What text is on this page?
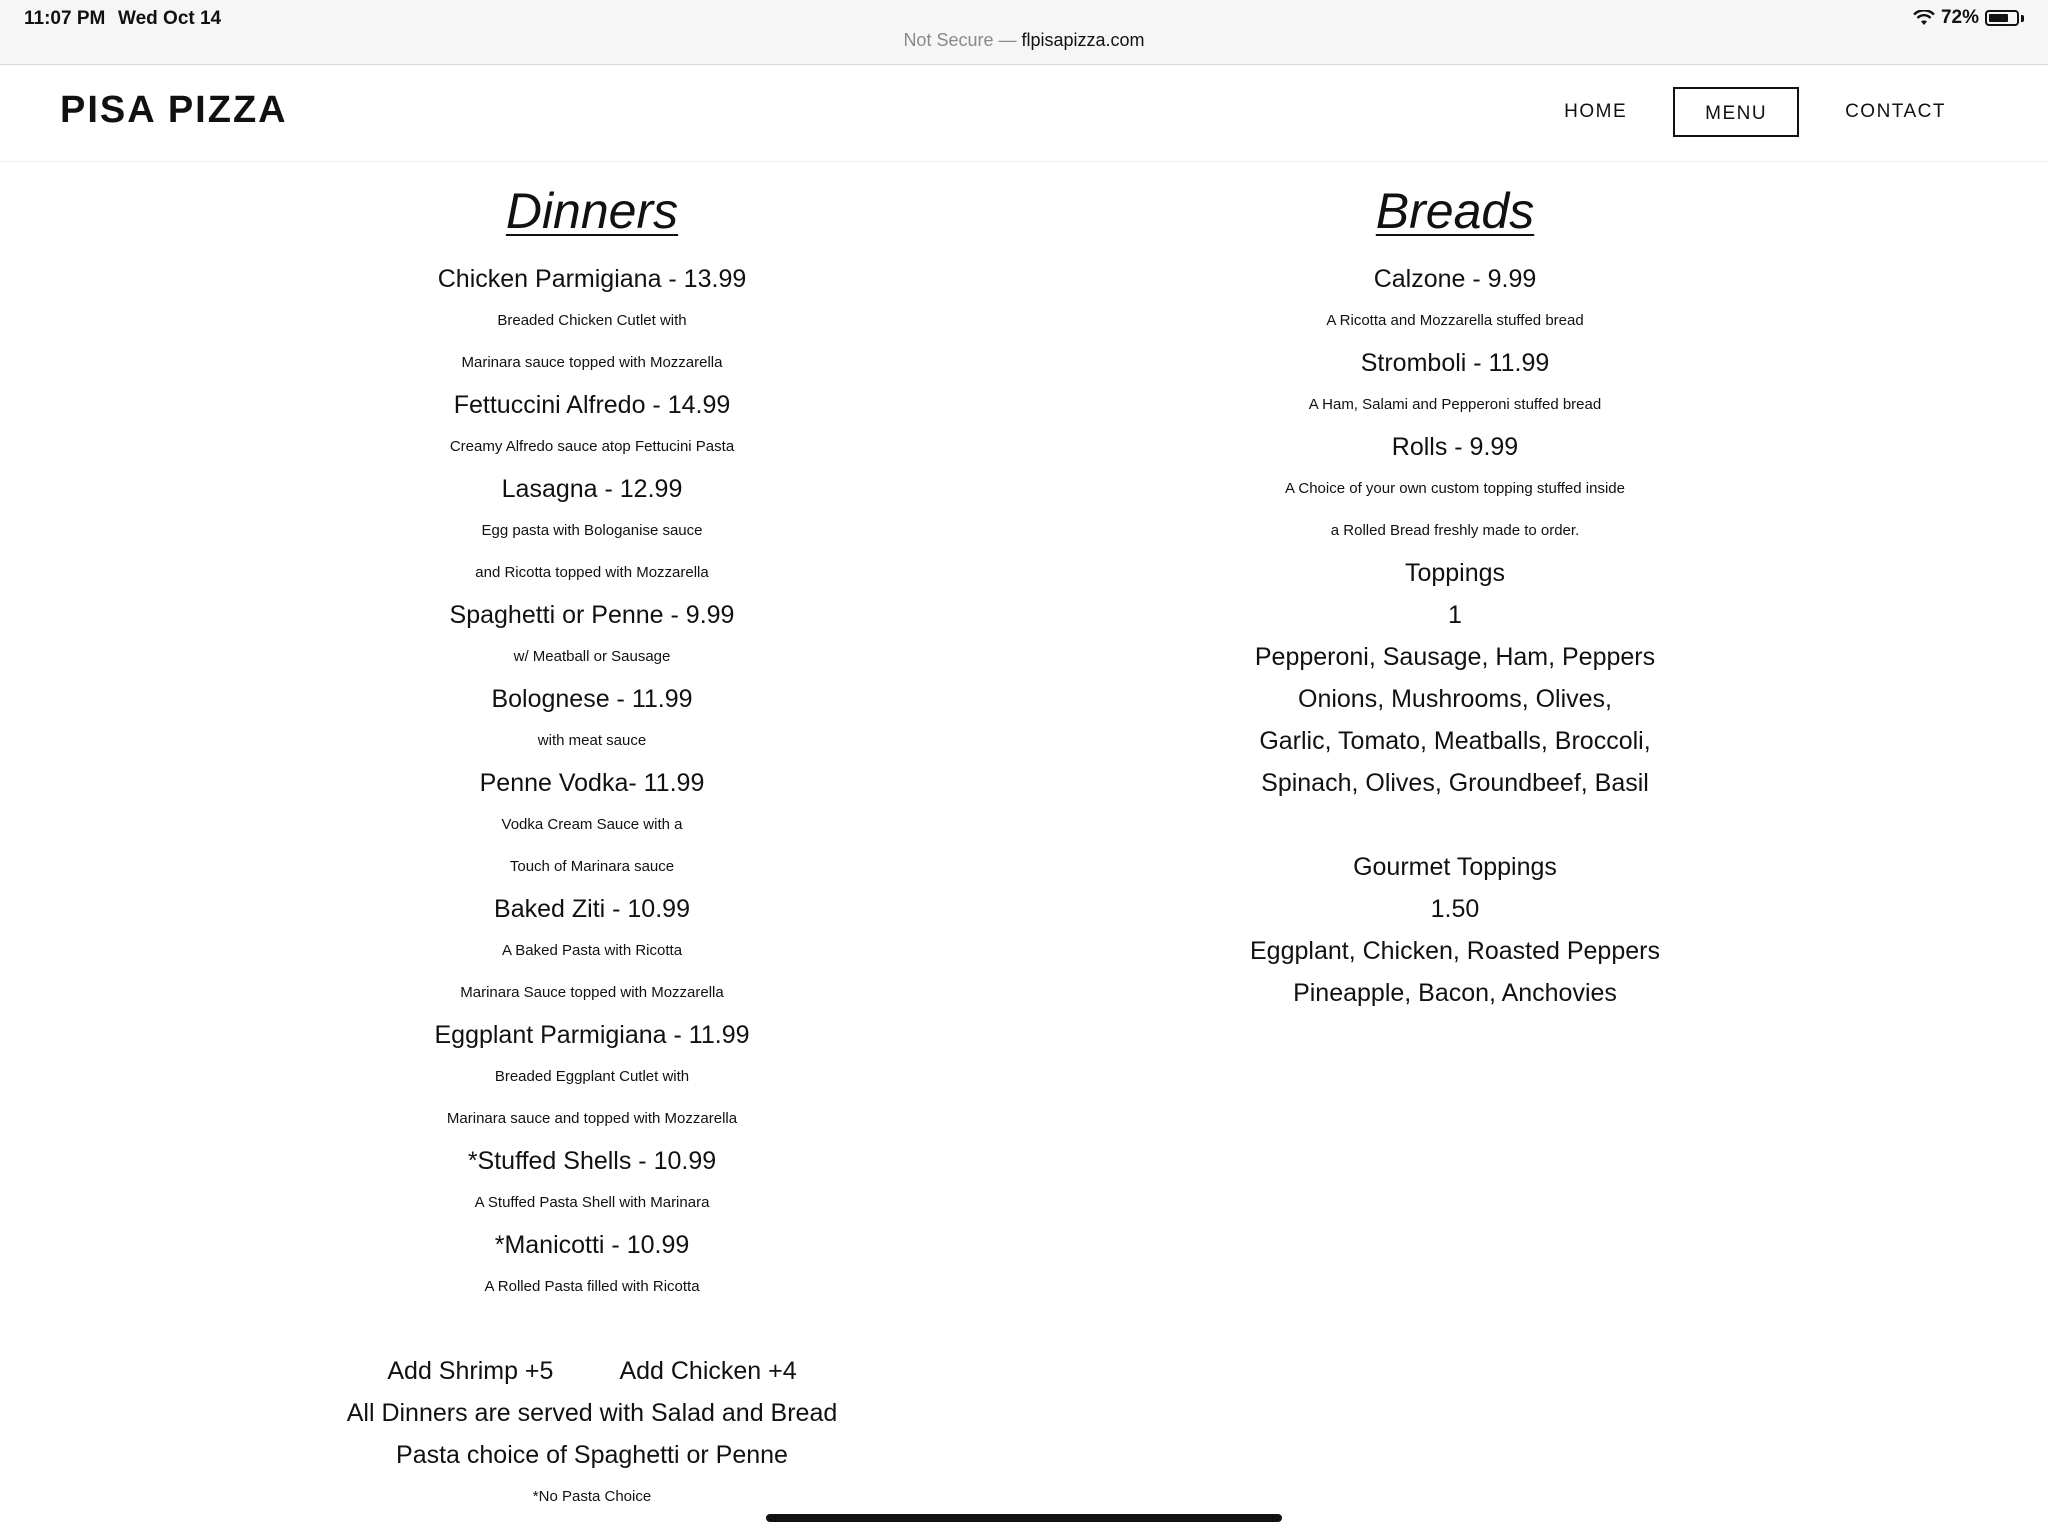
11:07 PM Wed Oct 14	72%
Not Secure — flpisapizza.com
PISA PIZZA	HOME	MENU	CONTACT
Dinners
Chicken Parmigiana - 13.99
Breaded Chicken Cutlet with
Marinara sauce topped with Mozzarella
Fettuccini Alfredo - 14.99
Creamy Alfredo sauce atop Fettucini Pasta
Lasagna - 12.99
Egg pasta with Bologanise sauce
and Ricotta topped with Mozzarella
Spaghetti or Penne - 9.99
w/ Meatball or Sausage
Bolognese - 11.99
with meat sauce
Penne Vodka- 11.99
Vodka Cream Sauce with a
Touch of Marinara sauce
Baked Ziti - 10.99
A Baked Pasta with Ricotta
Marinara Sauce topped with Mozzarella
Eggplant Parmigiana - 11.99
Breaded Eggplant Cutlet with
Marinara sauce and topped with Mozzarella
*Stuffed Shells - 10.99
A Stuffed Pasta Shell with Marinara
*Manicotti - 10.99
A Rolled Pasta filled with Ricotta
Add Shrimp +5	Add Chicken +4
All Dinners are served with Salad and Bread
Pasta choice of Spaghetti or Penne
*No Pasta Choice
Breads
Calzone - 9.99
A Ricotta and Mozzarella stuffed bread
Stromboli - 11.99
A Ham, Salami and Pepperoni stuffed bread
Rolls - 9.99
A Choice of your own custom topping stuffed inside
a Rolled Bread freshly made to order.
Toppings
1
Pepperoni, Sausage, Ham, Peppers
Onions, Mushrooms, Olives,
Garlic, Tomato, Meatballs, Broccoli,
Spinach, Olives, Groundbeef, Basil
Gourmet Toppings
1.50
Eggplant, Chicken, Roasted Peppers
Pineapple, Bacon, Anchovies
